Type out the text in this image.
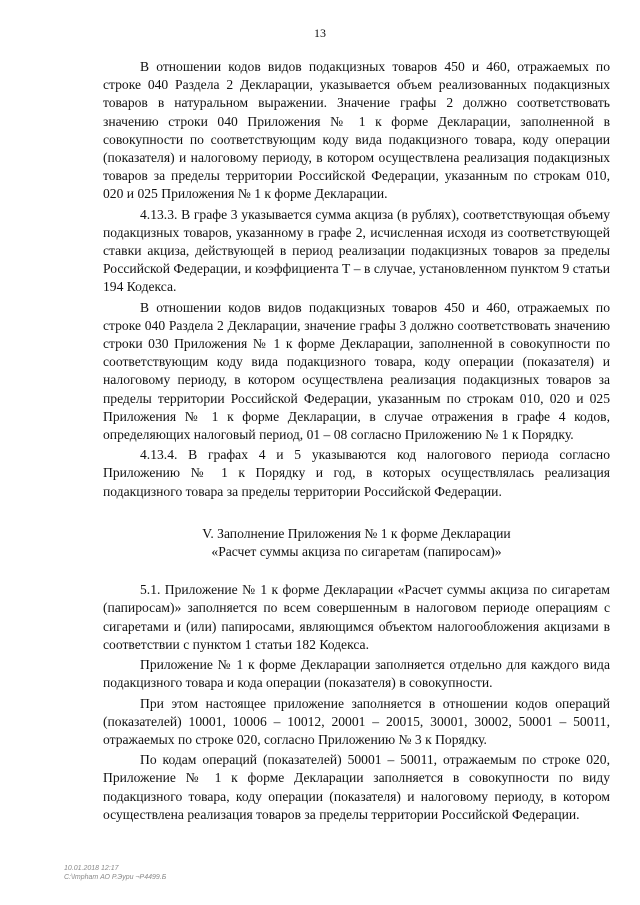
13

В отношении кодов видов подакцизных товаров 450 и 460, отражаемых по строке 040 Раздела 2 Декларации, указывается объем реализованных подакцизных товаров в натуральном выражении. Значение графы 2 должно соответствовать значению строки 040 Приложения № 1 к форме Декларации, заполненной в совокупности по соответствующим коду вида подакцизного товара, коду операции (показателя) и налоговому периоду, в котором осуществлена реализация подакцизных товаров за пределы территории Российской Федерации, указанным по строкам 010, 020 и 025 Приложения № 1 к форме Декларации.

4.13.3. В графе 3 указывается сумма акциза (в рублях), соответствующая объему подакцизных товаров, указанному в графе 2, исчисленная исходя из соответствующей ставки акциза, действующей в период реализации подакцизных товаров за пределы Российской Федерации, и коэффициента Т – в случае, установленном пунктом 9 статьи 194 Кодекса.

В отношении кодов видов подакцизных товаров 450 и 460, отражаемых по строке 040 Раздела 2 Декларации, значение графы 3 должно соответствовать значению строки 030 Приложения № 1 к форме Декларации, заполненной в совокупности по соответствующим коду вида подакцизного товара, коду операции (показателя) и налоговому периоду, в котором осуществлена реализация подакцизных товаров за пределы территории Российской Федерации, указанным по строкам 010, 020 и 025 Приложения № 1 к форме Декларации, в случае отражения в графе 4 кодов, определяющих налоговый период, 01 – 08 согласно Приложению № 1 к Порядку.

4.13.4. В графах 4 и 5 указываются код налогового периода согласно Приложению № 1 к Порядку и год, в которых осуществлялась реализация подакцизного товара за пределы территории Российской Федерации.

V. Заполнение Приложения № 1 к форме Декларации
«Расчет суммы акциза по сигаретам (папиросам)»

5.1. Приложение № 1 к форме Декларации «Расчет суммы акциза по сигаретам (папиросам)» заполняется по всем совершенным в налоговом периоде операциям с сигаретами и (или) папиросами, являющимся объектом налогообложения акцизами в соответствии с пунктом 1 статьи 182 Кодекса.

Приложение № 1 к форме Декларации заполняется отдельно для каждого вида подакцизного товара и кода операции (показателя) в совокупности.

При этом настоящее приложение заполняется в отношении кодов операций (показателей) 10001, 10006 – 10012, 20001 – 20015, 30001, 30002, 50001 – 50011, отражаемых по строке 020, согласно Приложению № 3 к Порядку.

По кодам операций (показателей) 50001 – 50011, отражаемым по строке 020, Приложение № 1 к форме Декларации заполняется в совокупности по виду подакцизного товара, коду операции (показателя) и налоговому периоду, в котором осуществлена реализация товаров за пределы территории Российской Федерации.

10.01.2018 12:17
С:\Impham АО Р.Эури ¬Р4499.Б
